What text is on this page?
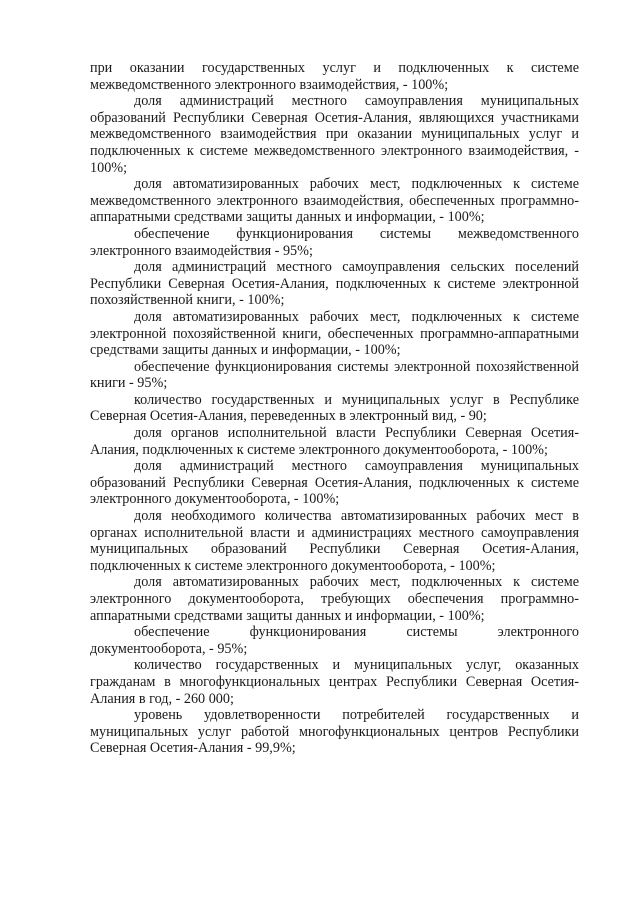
при оказании государственных услуг и подключенных к системе межведомственного электронного взаимодействия, - 100%;

доля администраций местного самоуправления муниципальных образований Республики Северная Осетия-Алания, являющихся участниками межведомственного взаимодействия при оказании муниципальных услуг и подключенных к системе межведомственного электронного взаимодействия, - 100%;

доля автоматизированных рабочих мест, подключенных к системе межведомственного электронного взаимодействия, обеспеченных программно-аппаратными средствами защиты данных и информации, - 100%;

обеспечение функционирования системы межведомственного электронного взаимодействия - 95%;

доля администраций местного самоуправления сельских поселений Республики Северная Осетия-Алания, подключенных к системе электронной похозяйственной книги, - 100%;

доля автоматизированных рабочих мест, подключенных к системе электронной похозяйственной книги, обеспеченных программно-аппаратными средствами защиты данных и информации, - 100%;

обеспечение функционирования системы электронной похозяйственной книги - 95%;

количество государственных и муниципальных услуг в Республике Северная Осетия-Алания, переведенных в электронный вид, - 90;

доля органов исполнительной власти Республики Северная Осетия-Алания, подключенных к системе электронного документооборота, - 100%;

доля администраций местного самоуправления муниципальных образований Республики Северная Осетия-Алания, подключенных к системе электронного документооборота, - 100%;

доля необходимого количества автоматизированных рабочих мест в органах исполнительной власти и администрациях местного самоуправления муниципальных образований Республики Северная Осетия-Алания, подключенных к системе электронного документооборота, - 100%;

доля автоматизированных рабочих мест, подключенных к системе электронного документооборота, требующих обеспечения программно-аппаратными средствами защиты данных и информации, - 100%;

обеспечение функционирования системы электронного документооборота, - 95%;

количество государственных и муниципальных услуг, оказанных гражданам в многофункциональных центрах Республики Северная Осетия-Алания в год, - 260 000;

уровень удовлетворенности потребителей государственных и муниципальных услуг работой многофункциональных центров Республики Северная Осетия-Алания - 99,9%;
